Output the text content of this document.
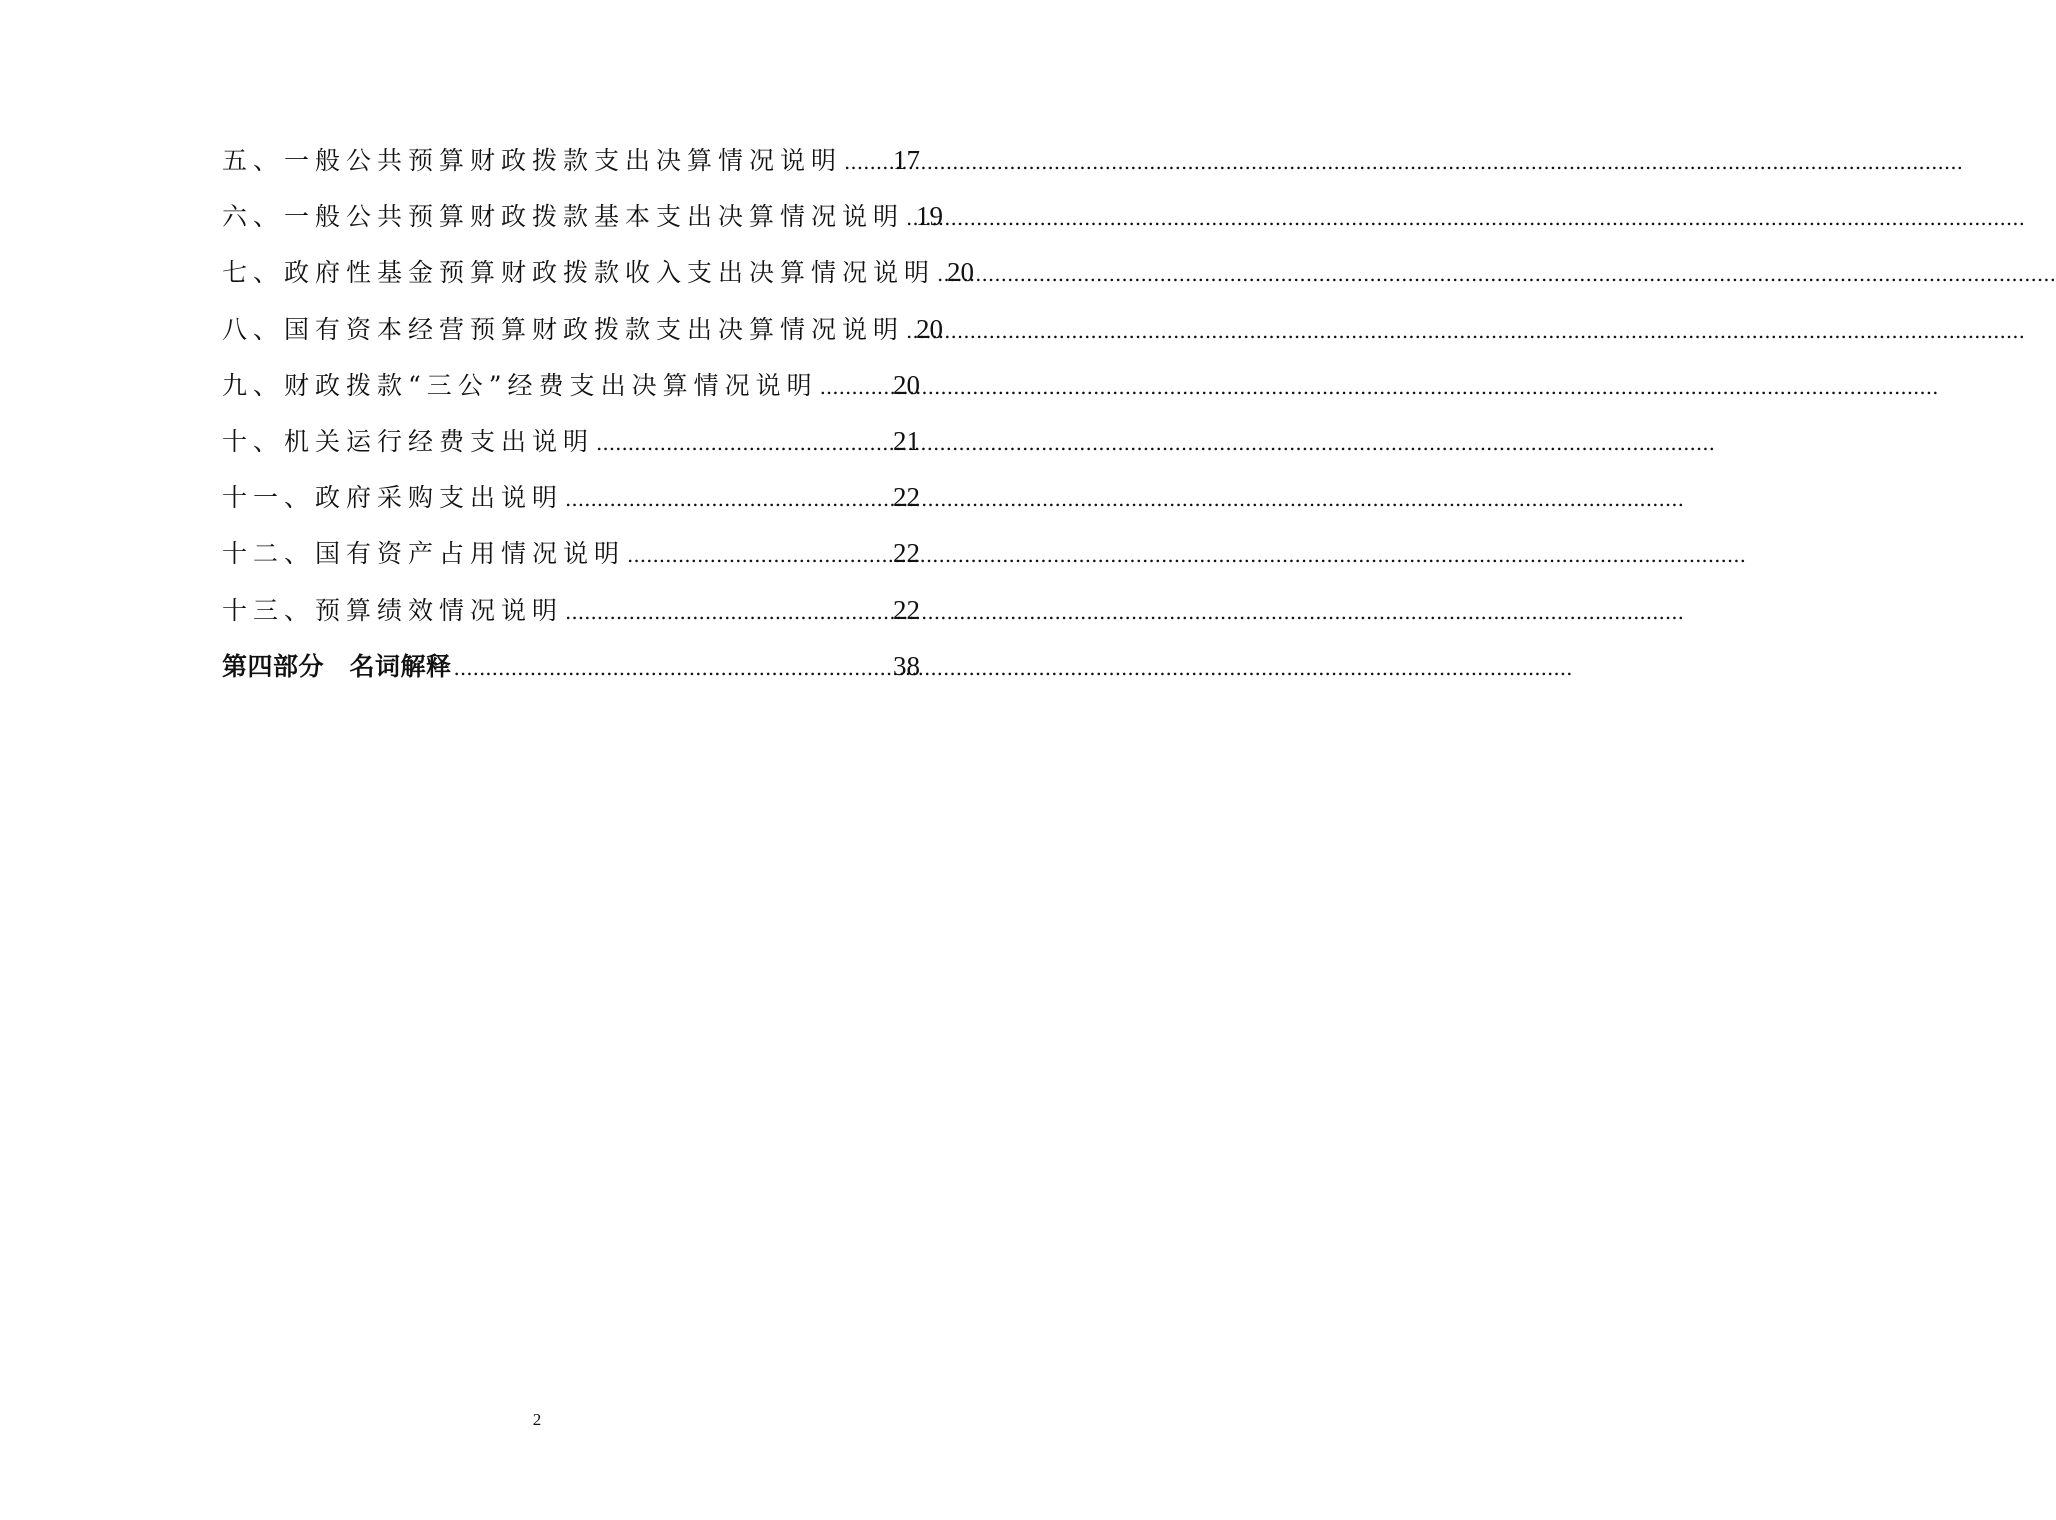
五、一般公共预算财政拨款支出决算情况说明 ..... 17
六、一般公共预算财政拨款基本支出决算情况说明 ..... 19
七、政府性基金预算财政拨款收入支出决算情况说明 ..... 20
八、国有资本经营预算财政拨款支出决算情况说明 ..... 20
九、财政拨款“三公”经费支出决算情况说明 .....	20
十、机关运行经费支出说明 .....	21
十一、政府采购支出说明 .....	22
十二、国有资产占用情况说明 .....	22
十三、预算绩效情况说明 .....	22
第四部分　名词解释 .....	38
2
